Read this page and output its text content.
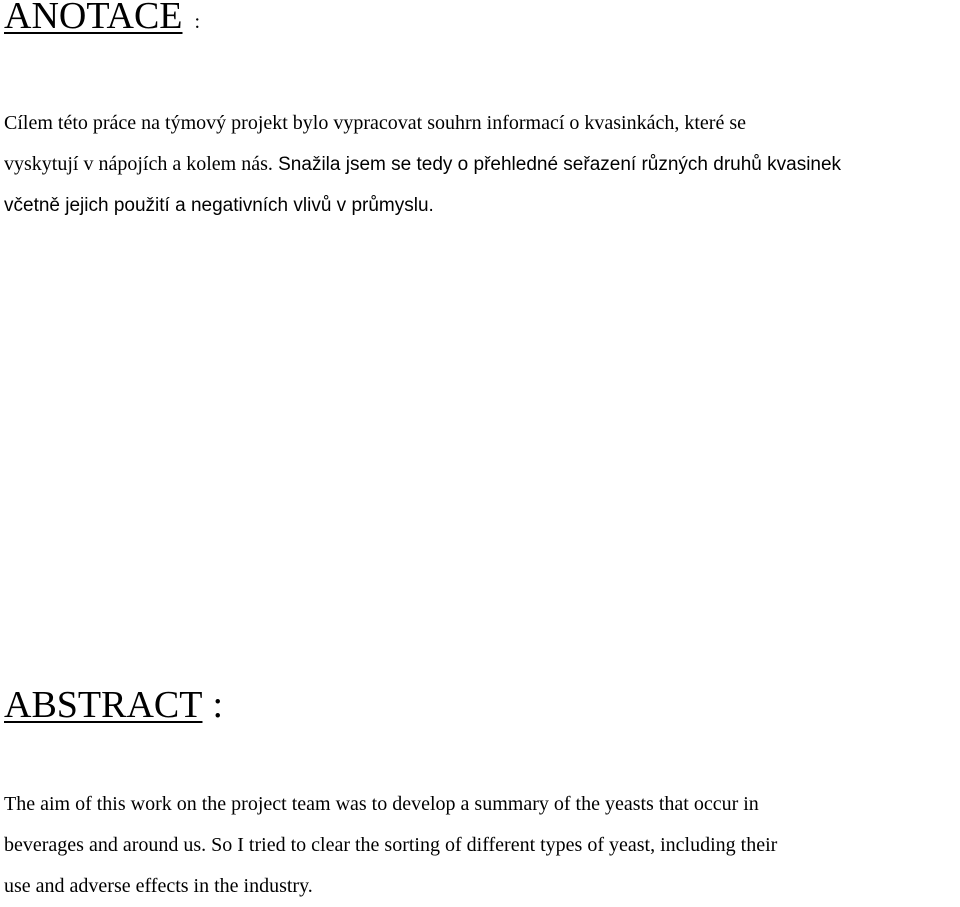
ANOTACE :
Cílem této práce na týmový projekt bylo vypracovat souhrn informací o kvasinkách, které se
vyskytují v nápojích a kolem nás. Snažila jsem se tedy o přehledné seřazení různých druhů kvasinek
včetně jejich použití a negativních vlivů v průmyslu.
ABSTRACT :
The aim of this work on the project team was to develop a summary of the yeasts that occur in
beverages and around us. So I tried to clear the sorting of different types of yeast, including their
use and adverse effects in the industry.
